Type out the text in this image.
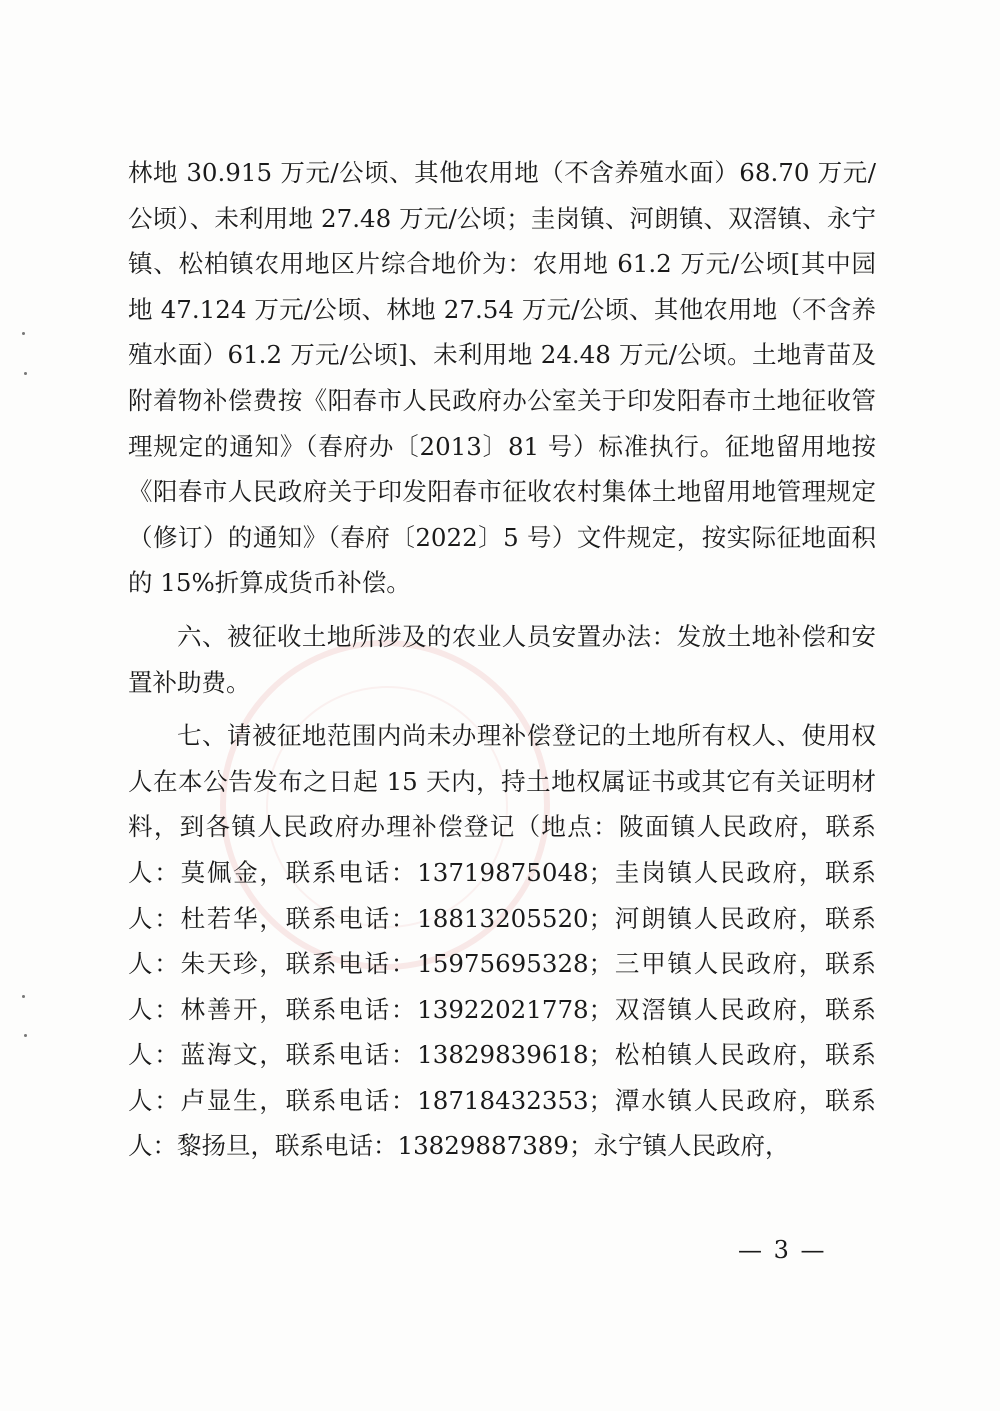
林地 30.915 万元/公顷、其他农用地（不含养殖水面）68.70 万元/公顷）、未利用地 27.48 万元/公顷；圭岗镇、河朗镇、双滘镇、永宁镇、松柏镇农用地区片综合地价为：农用地 61.2 万元/公顷[其中园地 47.124 万元/公顷、林地 27.54 万元/公顷、其他农用地（不含养殖水面）61.2 万元/公顷]、未利用地 24.48 万元/公顷。土地青苗及附着物补偿费按《阳春市人民政府办公室关于印发阳春市土地征收管理规定的通知》（春府办〔2013〕81 号）标准执行。征地留用地按《阳春市人民政府关于印发阳春市征收农村集体土地留用地管理规定（修订）的通知》（春府〔2022〕5 号）文件规定，按实际征地面积的 15%折算成货币补偿。

六、被征收土地所涉及的农业人员安置办法：发放土地补偿和安置补助费。

七、请被征地范围内尚未办理补偿登记的土地所有权人、使用权人在本公告发布之日起 15 天内，持土地权属证书或其它有关证明材料，到各镇人民政府办理补偿登记（地点：陂面镇人民政府，联系人：莫佩金，联系电话：13719875048；圭岗镇人民政府，联系人：杜若华，联系电话：18813205520；河朗镇人民政府，联系人：朱天珍，联系电话：15975695328；三甲镇人民政府，联系人：林善开，联系电话：13922021778；双滘镇人民政府，联系人：蓝海文，联系电话：13829839618；松柏镇人民政府，联系人：卢显生，联系电话：18718432353；潭水镇人民政府，联系人：黎扬旦，联系电话：13829887389；永宁镇人民政府，

— 3 —
